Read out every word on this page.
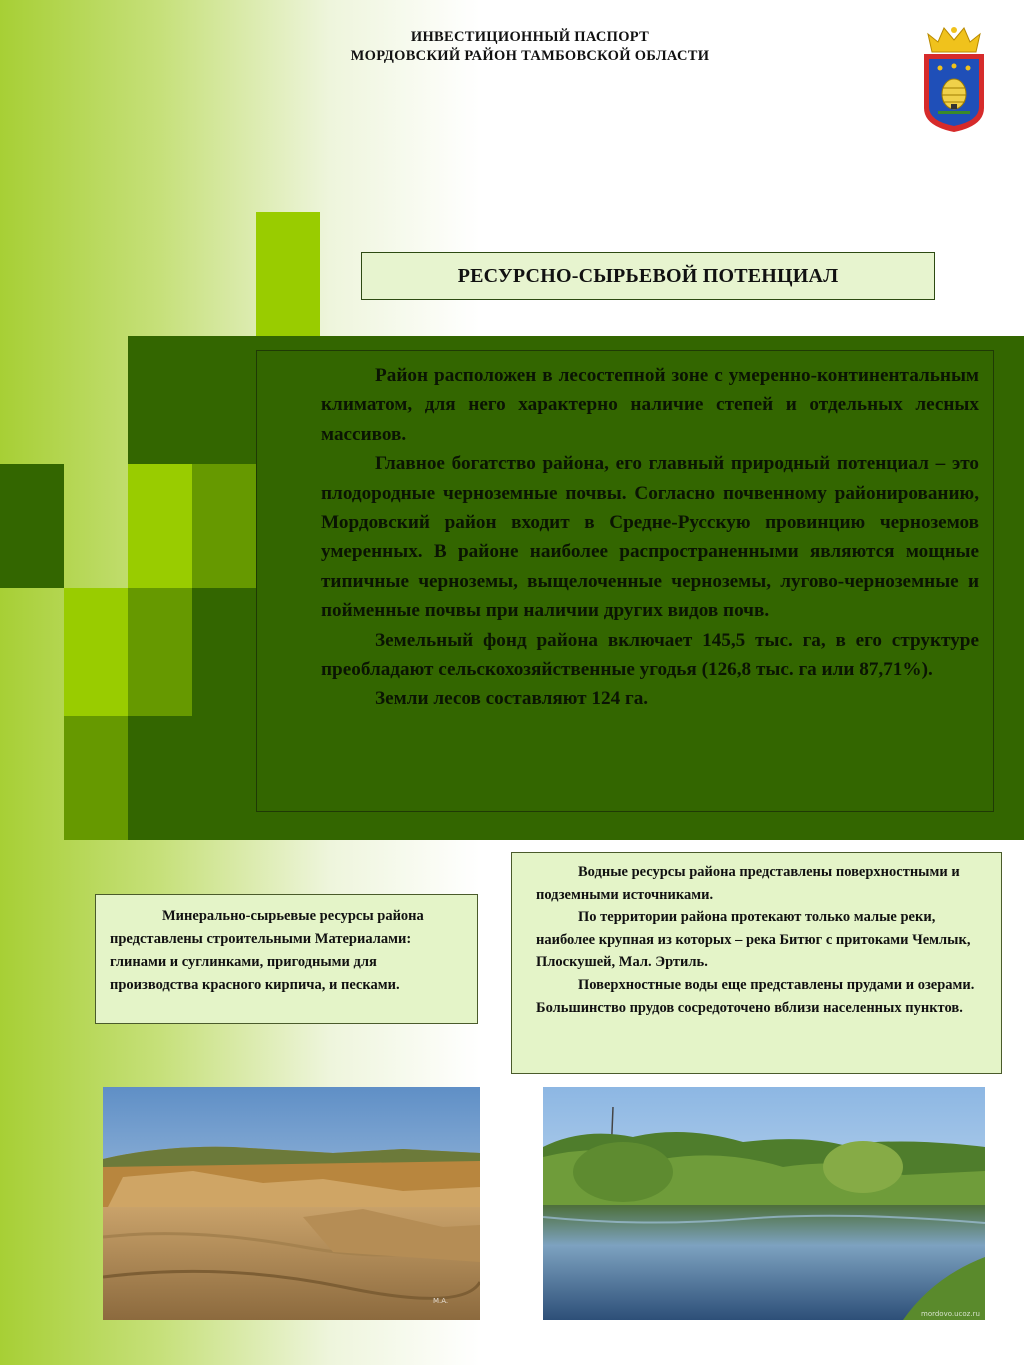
ИНВЕСТИЦИОННЫЙ ПАСПОРТ
МОРДОВСКИЙ РАЙОН ТАМБОВСКОЙ ОБЛАСТИ
РЕСУРСНО-СЫРЬЕВОЙ ПОТЕНЦИАЛ

Район расположен в лесостепной зоне с умеренно-континентальным климатом, для него характерно наличие степей и отдельных лесных массивов.

Главное богатство района, его главный природный потенциал – это плодородные черноземные почвы. Согласно почвенному районированию, Мордовский район входит в Средне-Русскую провинцию черноземов умеренных. В районе наиболее распространенными являются мощные типичные черноземы, выщелоченные черноземы, лугово-черноземные и пойменные почвы при наличии других видов почв.

Земельный фонд района включает 145,5 тыс. га, в его структуре преобладают сельскохозяйственные угодья (126,8 тыс. га или 87,71%).

Земли лесов составляют 124 га.

Минерально-сырьевые ресурсы района представлены строительными Материалами: глинами и суглинками, пригодными для производства красного кирпича, и песками.

Водные ресурсы района представлены поверхностными и подземными источниками.

По территории района протекают только малые реки, наиболее крупная из которых – река Битюг с притоками Чемлык, Плоскушей, Мал. Эртиль.

Поверхностные воды еще представлены прудами и озерами. Большинство прудов сосредоточено вблизи населенных пунктов.

M.A.
mordovo.ucoz.ru
